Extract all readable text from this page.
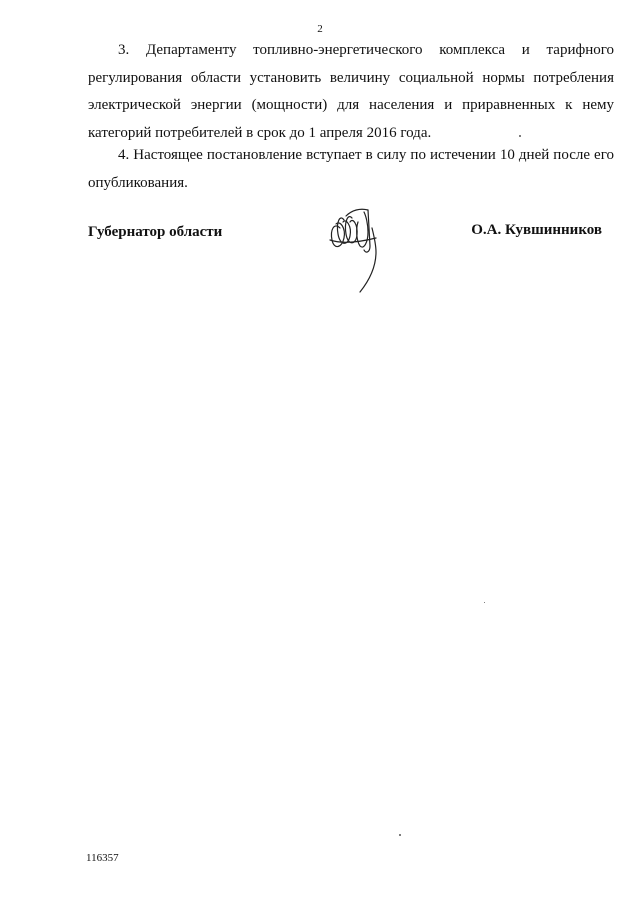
2

3. Департаменту топливно-энергетического комплекса и тарифного регулирования области установить величину социальной нормы потребления электрической энергии (мощности) для населения и приравненных к нему категорий потребителей в срок до 1 апреля 2016 года.

4. Настоящее постановление вступает в силу по истечении 10 дней после его опубликования.

Губернатор области	О.А. Кувшинников
116357
